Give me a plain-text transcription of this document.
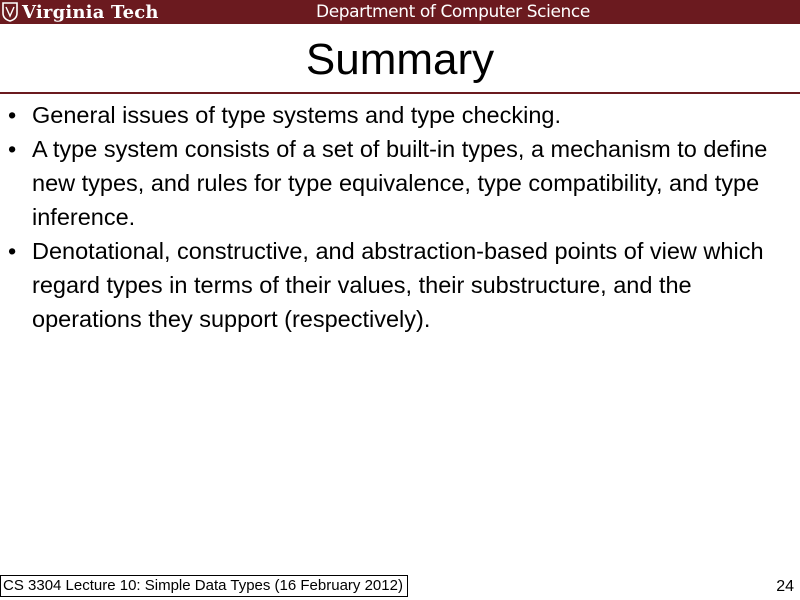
Virginia Tech	Department of Computer Science
Summary
• General issues of type systems and type checking.
• A type system consists of a set of built-in types, a mechanism to define new types, and rules for type equivalence, type compatibility, and type inference.
• Denotational, constructive, and abstraction-based points of view which regard types in terms of their values, their substructure, and the operations they support (respectively).
CS 3304 Lecture 10: Simple Data Types (16 February 2012)	24
